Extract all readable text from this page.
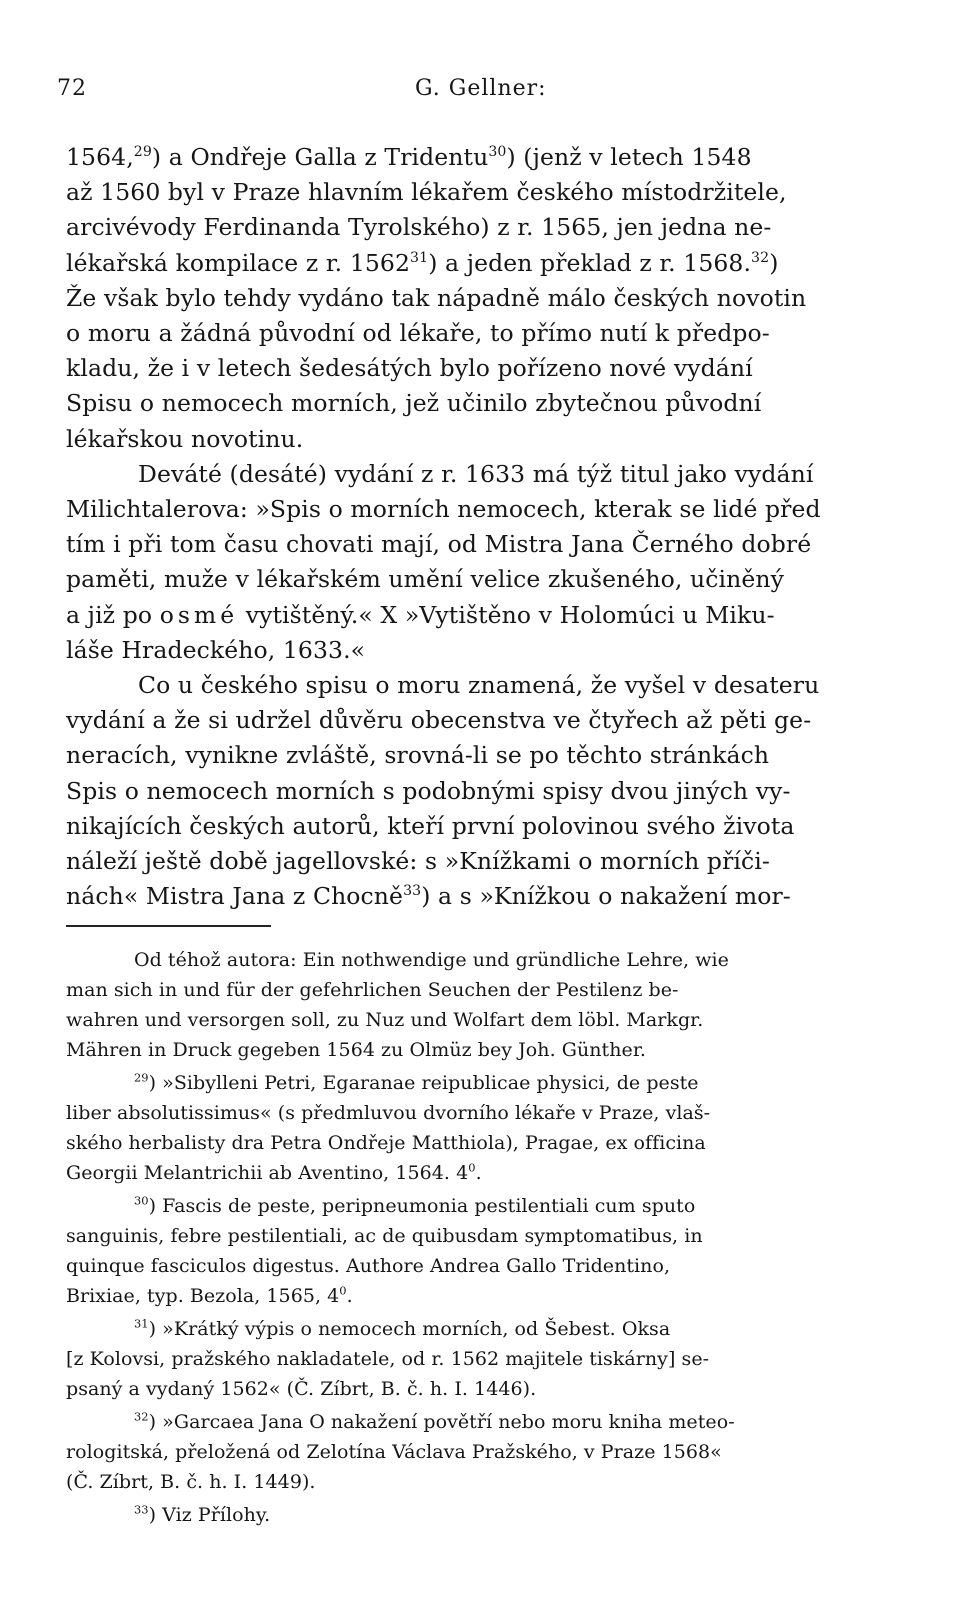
72	G. Gellner:
1564,29) a Ondřeje Galla z Tridentu$^{30}$) (jenž v letech 1548
až 1560 byl v Praze hlavním lékařem českého místodržitele,
arcivévody Ferdinanda Tyrolského) z r. 1565, jen jedna ne-
lékařská kompilace z r. 1562$^{31}$) a jeden překlad z r. 1568.32)
Že však bylo tehdy vydáno tak nápadně málo českých novotin
o moru a žádná původní od lékaře, to přímo nutí k předpo-
kladu, že i v letech šedesátých bylo pořízeno nové vydání
Spisu o nemocech morních, jež učinilo zbytečnou původní
lékařskou novotinu.
Deváté (desáté) vydání z r. 1633 má týž titul jako vydání
Milichtalerova: »Spis o morních nemocech, kterak se lidé před
tím i při tom času chovati mají, od Mistra Jana Černého dobré
paměti, muže v lékařském umění velice zkušeného, učiněný
a již po osmé vytištěný.« X »Vytištěno v Holomúci u Miku-
láše Hradeckého, 1633.«
Co u českého spisu o moru znamená, že vyšel v desateru
vydání a že si udržel důvěru obecenstva ve čtyřech až pěti ge-
neracích, vynikne zvláště, srovná-li se po těchto stránkách
Spis o nemocech morních s podobnými spisy dvou jiných vy-
nikajících českých autorů, kteří první polovinou svého života
náleží ještě době jagellovské: s »Knížkami o morních příči-
nách« Mistra Jana z Chocně$^{33}$) a s »Knížkou o nakažení mor-
Od téhož autora: Ein nothwendige und gründliche Lehre, wie
man sich in und für der gefehrlichen Seuchen der Pestilenz be-
wahren und versorgen soll, zu Nuz und Wolfart dem löbl. Markgr.
Mähren in Druck gegeben 1564 zu Olmüz bey Joh. Günther.
$^{29}$) »Sibylleni Petri, Egaranae reipublicae physici, de peste
liber absolutissimus« (s předmluvou dvorního lékaře v Praze, vlaš-
ského herbalisty dra Petra Ondřeje Matthiola), Pragae, ex officina
Georgii Melantrichii ab Aventino, 1564. $4^0$.
$^{30}$) Fascis de peste, peripneumonia pestilentiali cum sputo
sanguinis, febre pestilentiali, ac de quibusdam symptomatibus, in
quinque fasciculos digestus. Authore Andrea Gallo Tridentino,
Brixiae, typ. Bezola, 1565, $4^0$.
$^{31}$) »Krátký výpis o nemocech morních, od Šebest. Oksa
[z Kolovsi, pražského nakladatele, od r. 1562 majitele tiskárny] se-
psaný a vydaný 1562« (Č. Zíbrt, B. č. h. I. 1446).
$^{32}$) »Garcaea Jana O nakažení povětří nebo moru kniha meteo-
rologitská, přeložená od Zelotína Václava Pražského, v Praze 1568«
(Č. Zíbrt, B. č. h. I. 1449).
$^{33}$) Viz Přílohy.
